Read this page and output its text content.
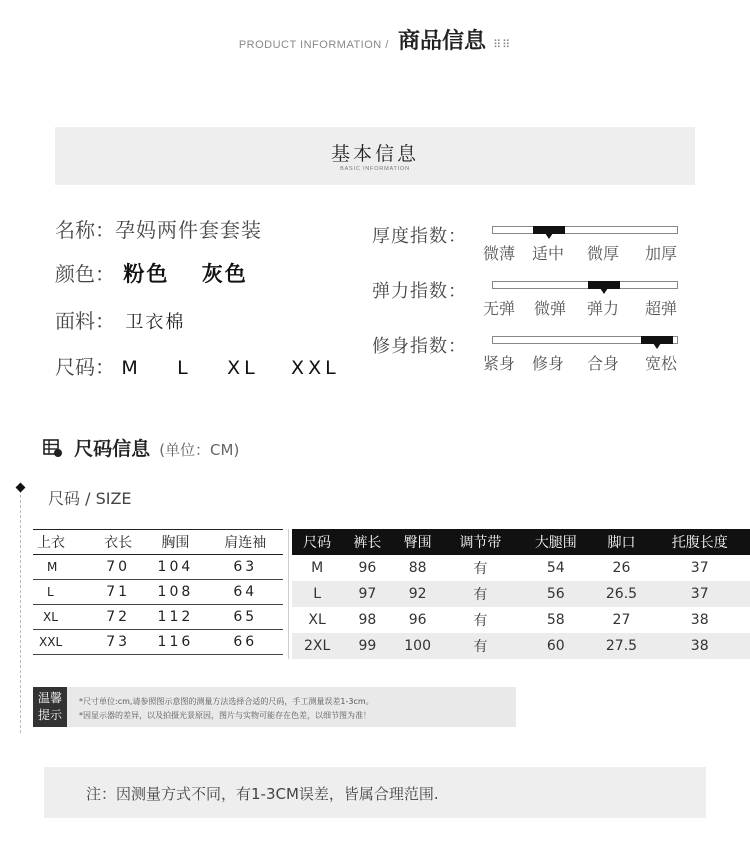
PRODUCT INFORMATION / 商品信息 ⠿⠿
基本信息
BASIC INFORMATION
名称：孕妈两件套套装
颜色： 粉色 灰色
面料： 卫衣棉
尺码： M L XL XXL
厚度指数：
微薄 适中 微厚 加厚
弹力指数：
无弹 微弹 弹力 超弹
修身指数：
紧身 修身 合身 宽松
尺码信息 (单位：CM)
尺码 / SIZE
上衣	衣长	胸围	肩连袖
M	70	104	63
L	71	108	64
XL	72	112	65
XXL	73	116	66
尺码	裤长	臀围	调节带	大腿围	脚口	托腹长度
M	96	88	有	54	26	37
L	97	92	有	56	26.5	37
XL	98	96	有	58	27	38
2XL	99	100	有	60	27.5	38
温馨
提示
*尺寸单位:cm,请参照图示意图的测量方法选择合适的尺码，手工测量误差1-3cm。
*因显示器的差异，以及拍摄光景原因，图片与实物可能存在色差，以细节图为准！
注：因测量方式不同，有1-3CM误差，皆属合理范围.
